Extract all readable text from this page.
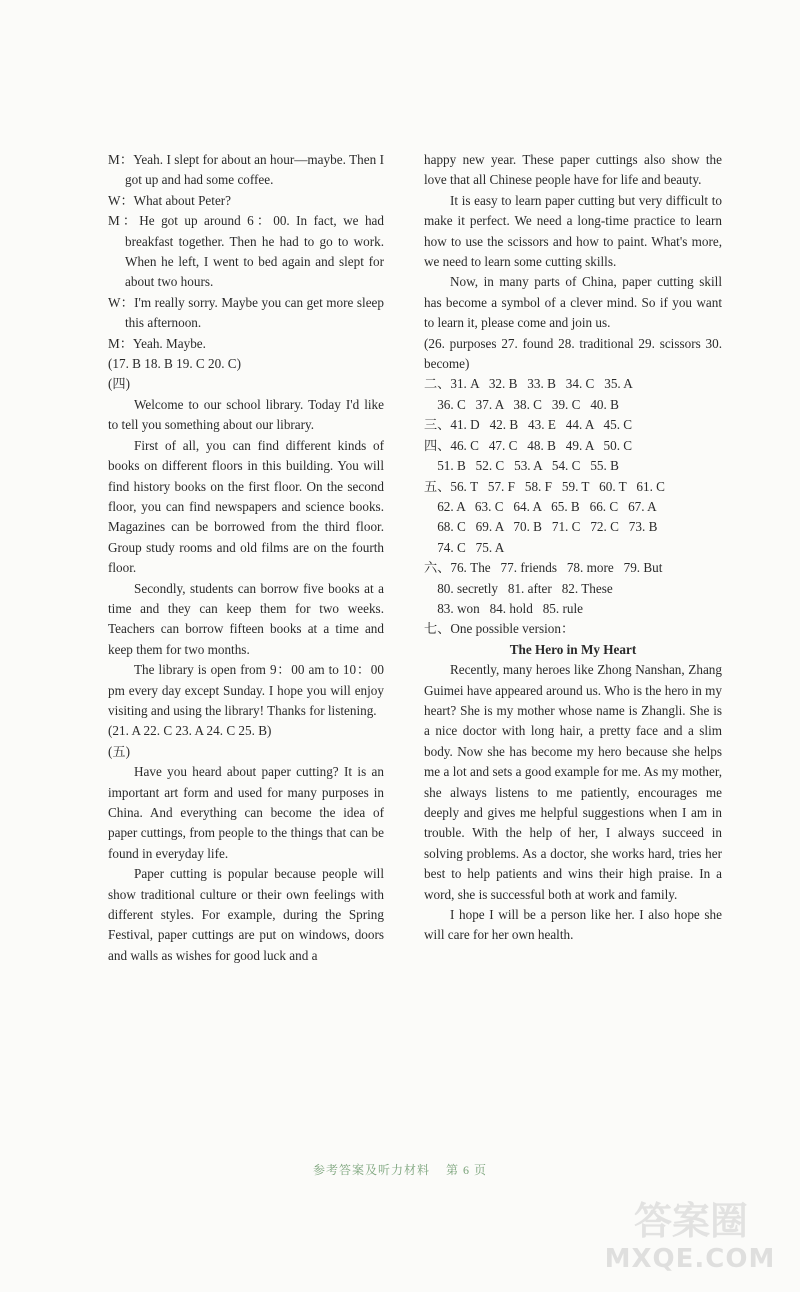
M：Yeah. I slept for about an hour—maybe. Then I got up and had some coffee.

W：What about Peter?

M：He got up around 6：00. In fact, we had breakfast together. Then he had to go to work. When he left, I went to bed again and slept for about two hours.

W：I'm really sorry. Maybe you can get more sleep this afternoon.

M：Yeah. Maybe.

(17. B 18. B 19. C 20. C)

(四)

Welcome to our school library. Today I'd like to tell you something about our library.

First of all, you can find different kinds of books on different floors in this building. You will find history books on the first floor. On the second floor, you can find newspapers and science books. Magazines can be borrowed from the third floor. Group study rooms and old films are on the fourth floor.

Secondly, students can borrow five books at a time and they can keep them for two weeks. Teachers can borrow fifteen books at a time and keep them for two months.

The library is open from 9：00 am to 10：00 pm every day except Sunday. I hope you will enjoy visiting and using the library! Thanks for listening.

(21. A 22. C 23. A 24. C 25. B)

(五)

Have you heard about paper cutting? It is an important art form and used for many purposes in China. And everything can become the idea of paper cuttings, from people to the things that can be found in everyday life.

Paper cutting is popular because people will show traditional culture or their own feelings with different styles. For example, during the Spring Festival, paper cuttings are put on windows, doors and walls as wishes for good luck and a

happy new year. These paper cuttings also show the love that all Chinese people have for life and beauty.

It is easy to learn paper cutting but very difficult to make it perfect. We need a long-time practice to learn how to use the scissors and how to paint. What's more, we need to learn some cutting skills.

Now, in many parts of China, paper cutting skill has become a symbol of a clever mind. So if you want to learn it, please come and join us.

(26. purposes 27. found 28. traditional 29. scissors 30. become)

二、31. A   32. B   33. B   34. C   35. A

36. C   37. A   38. C   39. C   40. B

三、41. D   42. B   43. E   44. A   45. C

四、46. C   47. C   48. B   49. A   50. C

51. B   52. C   53. A   54. C   55. B

五、56. T   57. F   58. F   59. T   60. T   61. C

62. A   63. C   64. A   65. B   66. C   67. A

68. C   69. A   70. B   71. C   72. C   73. B

74. C   75. A

六、76. The   77. friends   78. more   79. But

80. secretly   81. after   82. These

83. won   84. hold   85. rule

七、One possible version：

The Hero in My Heart

Recently, many heroes like Zhong Nanshan, Zhang Guimei have appeared around us. Who is the hero in my heart? She is my mother whose name is Zhangli. She is a nice doctor with long hair, a pretty face and a slim body. Now she has become my hero because she helps me a lot and sets a good example for me. As my mother, she always listens to me patiently, encourages me deeply and gives me helpful suggestions when I am in trouble. With the help of her, I always succeed in solving problems. As a doctor, she works hard, tries her best to help patients and wins their high praise. In a word, she is successful both at work and family.

I hope I will be a person like her. I also hope she will care for her own health.

参考答案及听力材料 第 6 页
答案圈
MXQE.COM
